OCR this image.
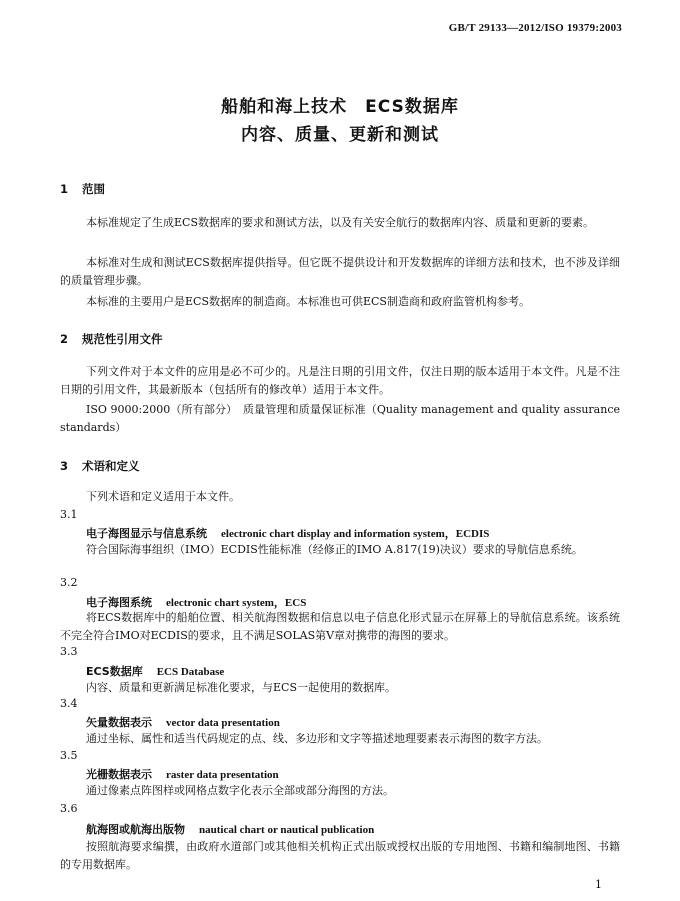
GB/T 29133—2012/ISO 19379:2003
船舶和海上技术　ECS数据库
内容、质量、更新和测试
1 范围
本标准规定了生成ECS数据库的要求和测试方法，以及有关安全航行的数据库内容、质量和更新的要素。
本标准对生成和测试ECS数据库提供指导。但它既不提供设计和开发数据库的详细方法和技术，也不涉及详细的质量管理步骤。
本标准的主要用户是ECS数据库的制造商。本标准也可供ECS制造商和政府监管机构参考。
2 规范性引用文件
下列文件对于本文件的应用是必不可少的。凡是注日期的引用文件，仅注日期的版本适用于本文件。凡是不注日期的引用文件，其最新版本（包括所有的修改单）适用于本文件。
ISO 9000:2000（所有部分）　质量管理和质量保证标准（Quality management and quality assurance standards）
3 术语和定义
下列术语和定义适用于本文件。
3.1
电子海图显示与信息系统 electronic chart display and information system，ECDIS
符合国际海事组织（IMO）ECDIS性能标准（经修正的IMO A.817(19)决议）要求的导航信息系统。
3.2
电子海图系统 electronic chart system，ECS
将ECS数据库中的船舶位置、相关航海图数据和信息以电子信息化形式显示在屏幕上的导航信息系统。该系统不完全符合IMO对ECDIS的要求，且不满足SOLAS第Ⅴ章对携带的海图的要求。
3.3
ECS数据库 ECS Database
内容、质量和更新满足标准化要求，与ECS一起使用的数据库。
3.4
矢量数据表示 vector data presentation
通过坐标、属性和适当代码规定的点、线、多边形和文字等描述地理要素表示海图的数字方法。
3.5
光栅数据表示 raster data presentation
通过像素点阵图样或网格点数字化表示全部或部分海图的方法。
3.6
航海图或航海出版物 nautical chart or nautical publication
按照航海要求编撰，由政府水道部门或其他相关机构正式出版或授权出版的专用地图、书籍和编制地图、书籍的专用数据库。
1
